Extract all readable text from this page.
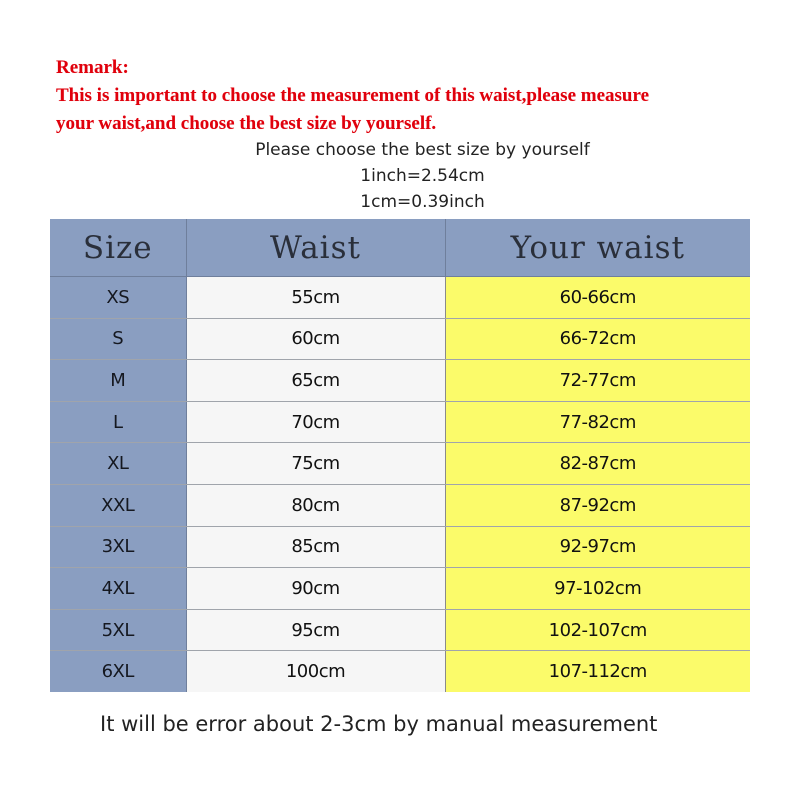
Remark:
This is important to choose the measurement of this waist,please measure
your waist,and choose the best size by yourself.
Please choose the best size by yourself
1inch=2.54cm
1cm=0.39inch
Size	Waist	Your waist
XS	55cm	60-66cm
S	60cm	66-72cm
M	65cm	72-77cm
L	70cm	77-82cm
XL	75cm	82-87cm
XXL	80cm	87-92cm
3XL	85cm	92-97cm
4XL	90cm	97-102cm
5XL	95cm	102-107cm
6XL	100cm	107-112cm
It will be error about 2-3cm by manual measurement
